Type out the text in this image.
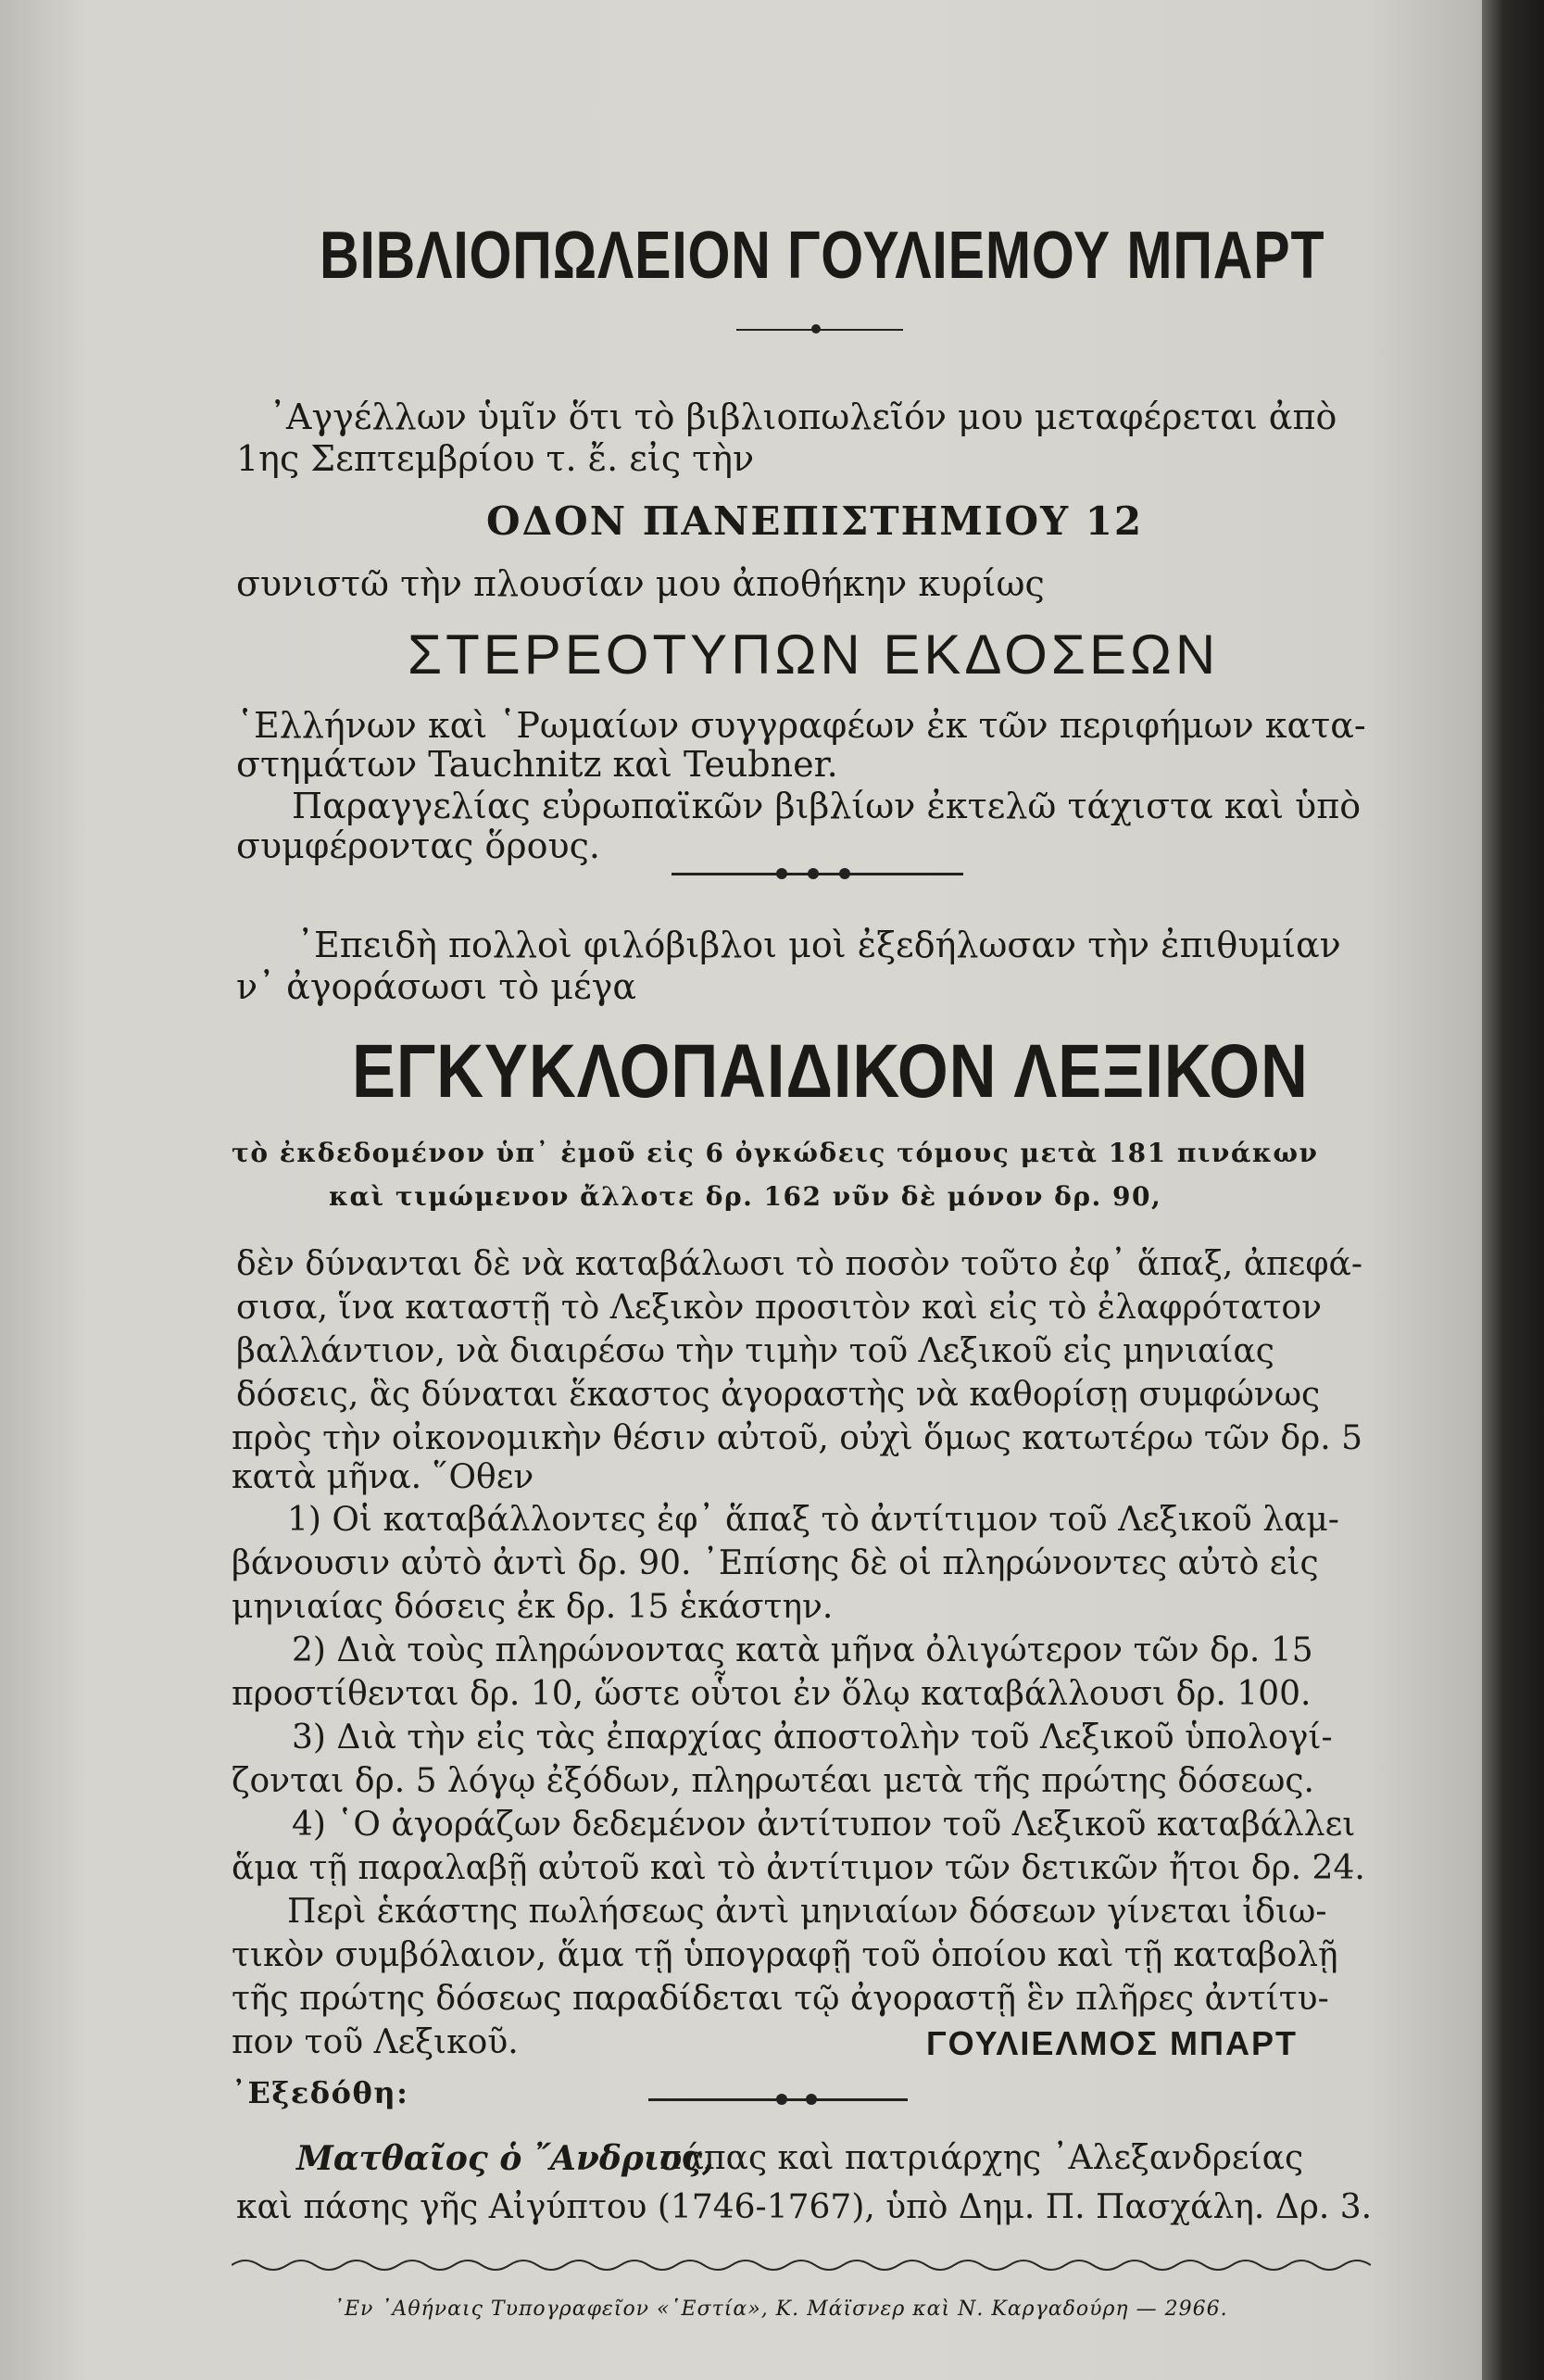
ΒΙΒΛΙΟΠΩΛΕΙΟΝ ΓΟΥΛΙΕΜΟΥ ΜΠΑΡΤ
᾿Αγγέλλων ὑμῖν ὅτι τὸ βιβλιοπωλεῖόν μου μεταφέρεται ἀπὸ
1ης Σεπτεμβρίου τ. ἔ. εἰς τὴν
ΟΔΟΝ ΠΑΝΕΠΙΣΤΗΜΙΟΥ 12
συνιστῶ τὴν πλουσίαν μου ἀποθήκην κυρίως
ΣΤΕΡΕΟΤΥΠΩΝ ΕΚΔΟΣΕΩΝ
῾Ελλήνων καὶ ῾Ρωμαίων συγγραφέων ἐκ τῶν περιφήμων κατα-
στημάτων Tauchnitz καὶ Teubner.
Παραγγελίας εὐρωπαϊκῶν βιβλίων ἐκτελῶ τάχιστα καὶ ὑπὸ
συμφέροντας ὅρους.
᾿Επειδὴ πολλοὶ φιλόβιβλοι μοὶ ἐξεδήλωσαν τὴν ἐπιθυμίαν
ν᾿ ἀγοράσωσι τὸ μέγα
ΕΓΚΥΚΛΟΠΑΙΔΙΚΟΝ ΛΕΞΙΚΟΝ
τὸ ἐκδεδομένον ὑπ᾿ ἐμοῦ εἰς 6 ὀγκώδεις τόμους μετὰ 181 πινάκων
καὶ τιμώμενον ἄλλοτε δρ. 162 νῦν δὲ μόνον δρ. 90,
δὲν δύνανται δὲ νὰ καταβάλωσι τὸ ποσὸν τοῦτο ἐφ᾿ ἅπαξ, ἀπεφά-
σισα, ἵνα καταστῇ τὸ Λεξικὸν προσιτὸν καὶ εἰς τὸ ἐλαφρότατον
βαλλάντιον, νὰ διαιρέσω τὴν τιμὴν τοῦ Λεξικοῦ εἰς μηνιαίας
δόσεις, ἃς δύναται ἕκαστος ἀγοραστὴς νὰ καθορίσῃ συμφώνως
πρὸς τὴν οἰκονομικὴν θέσιν αὐτοῦ, οὐχὶ ὅμως κατωτέρω τῶν δρ. 5
κατὰ μῆνα. ῞Οθεν
1) Οἱ καταβάλλοντες ἐφ᾿ ἅπαξ τὸ ἀντίτιμον τοῦ Λεξικοῦ λαμ-
βάνουσιν αὐτὸ ἀντὶ δρ. 90. ᾿Επίσης δὲ οἱ πληρώνοντες αὐτὸ εἰς
μηνιαίας δόσεις ἐκ δρ. 15 ἑκάστην.
2) Διὰ τοὺς πληρώνοντας κατὰ μῆνα ὀλιγώτερον τῶν δρ. 15
προστίθενται δρ. 10, ὥστε οὗτοι ἐν ὅλῳ καταβάλλουσι δρ. 100.
3) Διὰ τὴν εἰς τὰς ἐπαρχίας ἀποστολὴν τοῦ Λεξικοῦ ὑπολογί-
ζονται δρ. 5 λόγῳ ἐξόδων, πληρωτέαι μετὰ τῆς πρώτης δόσεως.
4) ῾Ο ἀγοράζων δεδεμένον ἀντίτυπον τοῦ Λεξικοῦ καταβάλλει
ἅμα τῇ παραλαβῇ αὐτοῦ καὶ τὸ ἀντίτιμον τῶν δετικῶν ἤτοι δρ. 24.
Περὶ ἑκάστης πωλήσεως ἀντὶ μηνιαίων δόσεων γίνεται ἰδιω-
τικὸν συμβόλαιον, ἅμα τῇ ὑπογραφῇ τοῦ ὁποίου καὶ τῇ καταβολῇ
τῆς πρώτης δόσεως παραδίδεται τῷ ἀγοραστῇ ἓν πλῆρες ἀντίτυ-
πον τοῦ Λεξικοῦ.	ΓΟΥΛΙΕΛΜΟΣ ΜΠΑΡΤ
᾿Εξεδόθη:
Ματθαῖος ὁ ῎Ανδριος,
πάπας καὶ πατριάρχης ᾿Αλεξανδρείας
καὶ πάσης γῆς Αἰγύπτου (1746-1767), ὑπὸ Δημ. Π. Πασχάλη. Δρ. 3.
᾿Εν ᾿Αθήναις Τυπογραφεῖον «῾Εστία», Κ. Μάϊσνερ καὶ Ν. Καργαδούρη — 2966.
